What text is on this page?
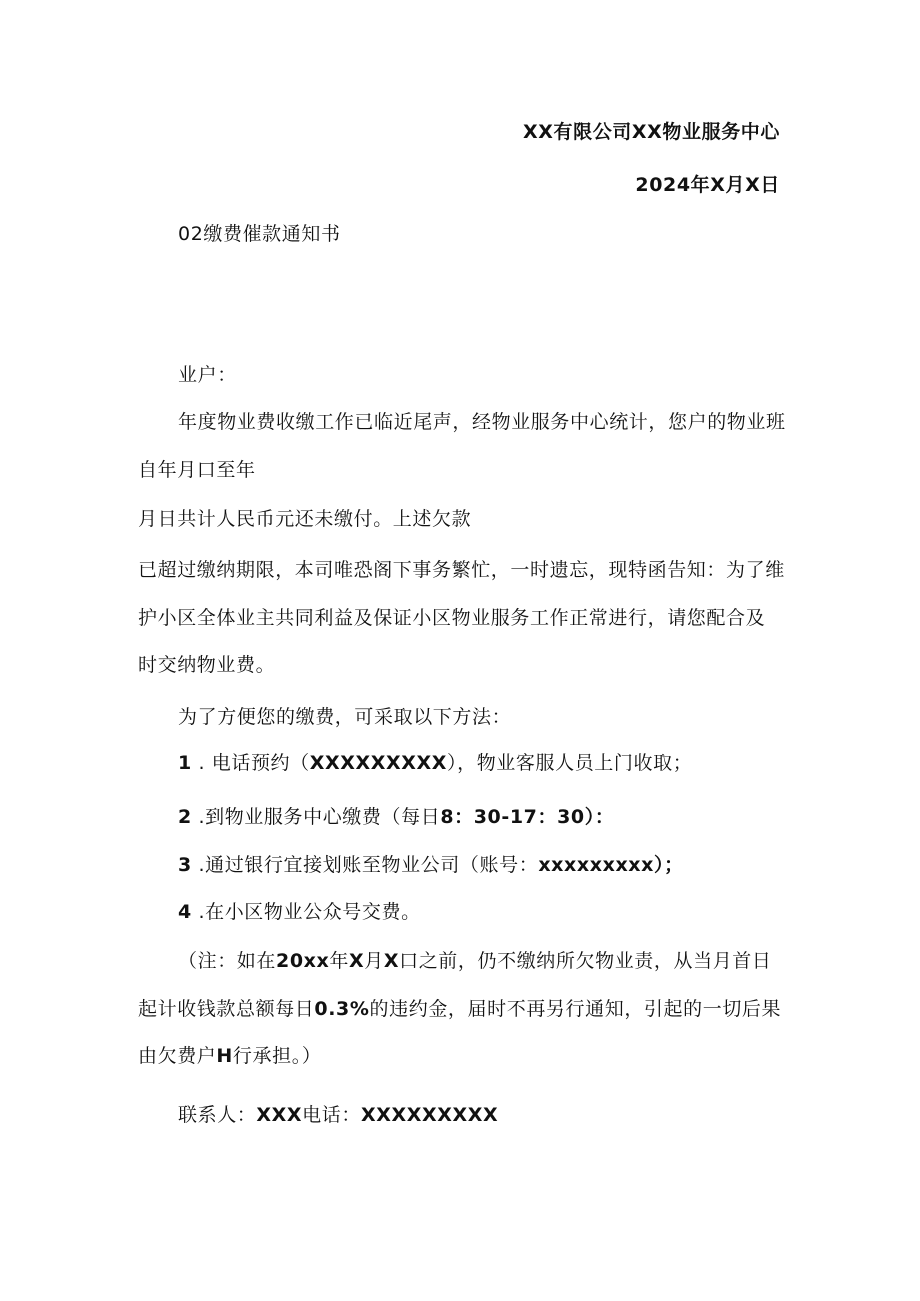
XX有限公司XX物业服务中心
2024年X月X日
02缴费催款通知书
业户：
年度物业费收缴工作已临近尾声，经物业服务中心统计，您户的物业班
自年月口至年
月日共计人民币元还未缴付。上述欠款
已超过缴纳期限，本司唯恐阁下事务繁忙，一时遗忘，现特函告知：为了维
护小区全体业主共同利益及保证小区物业服务工作正常进行，请您配合及
时交纳物业费。
为了方便您的缴费，可采取以下方法：
1 . 电话预约（XXXXXXXXX），物业客服人员上门收取；
2 .到物业服务中心缴费（每日8：30-17：30）：
3 .通过银行宜接划账至物业公司（账号：xxxxxxxxx）；
4 .在小区物业公众号交费。
（注：如在20xx年X月X口之前，仍不缴纳所欠物业责，从当月首日
起计收钱款总额每日0.3%的违约金，届时不再另行通知，引起的一切后果
由欠费户H行承担。）
联系人：XXX电话：XXXXXXXXX
